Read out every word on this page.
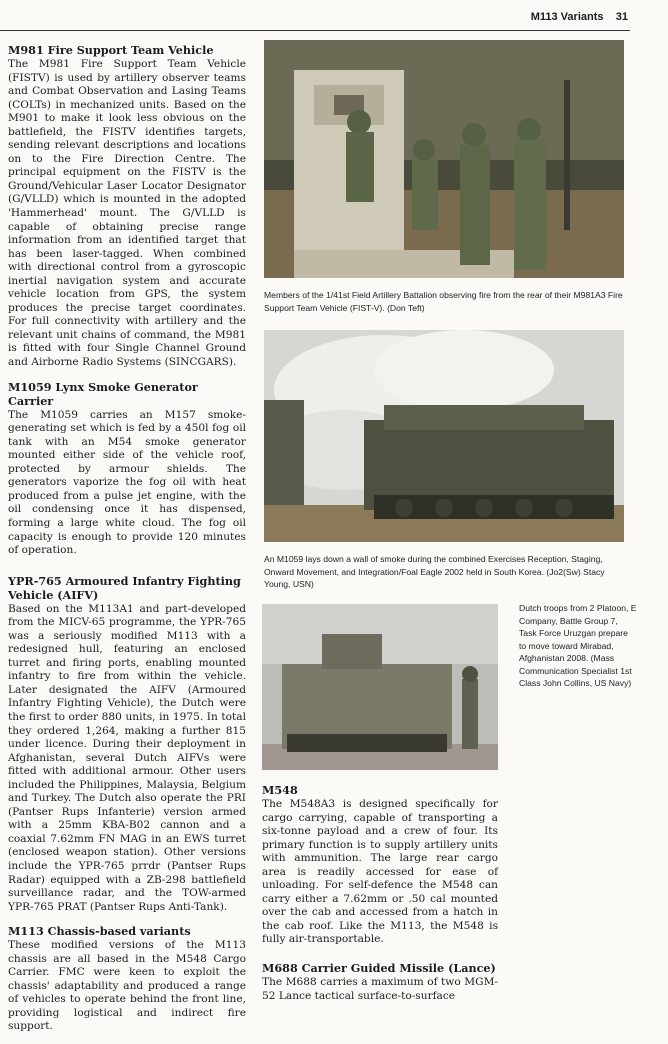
M113 Variants 31
M981 Fire Support Team Vehicle

The M981 Fire Support Team Vehicle (FISTV) is used by artillery observer teams and Combat Observation and Lasing Teams (COLTs) in mechanized units. Based on the M901 to make it look less obvious on the battlefield, the FISTV identifies targets, sending relevant descriptions and locations on to the Fire Direction Centre. The principal equipment on the FISTV is the Ground/Vehicular Laser Locator Designator (G/VLLD) which is mounted in the adopted 'Hammerhead' mount. The G/VLLD is capable of obtaining precise range information from an identified target that has been laser-tagged. When combined with directional control from a gyroscopic inertial navigation system and accurate vehicle location from GPS, the system produces the precise target coordinates. For full connectivity with artillery and the relevant unit chains of command, the M981 is fitted with four Single Channel Ground and Airborne Radio Systems (SINCGARS).

M1059 Lynx Smoke Generator Carrier

The M1059 carries an M157 smoke-generating set which is fed by a 450l fog oil tank with an M54 smoke generator mounted either side of the vehicle roof, protected by armour shields. The generators vaporize the fog oil with heat produced from a pulse jet engine, with the oil condensing once it has dispensed, forming a large white cloud. The fog oil capacity is enough to provide 120 minutes of operation.

YPR-765 Armoured Infantry Fighting Vehicle (AIFV)

Based on the M113A1 and part-developed from the MICV-65 programme, the YPR-765 was a seriously modified M113 with a redesigned hull, featuring an enclosed turret and firing ports, enabling mounted infantry to fire from within the vehicle. Later designated the AIFV (Armoured Infantry Fighting Vehicle), the Dutch were the first to order 880 units, in 1975. In total they ordered 1,264, making a further 815 under licence. During their deployment in Afghanistan, several Dutch AIFVs were fitted with additional armour. Other users included the Philippines, Malaysia, Belgium and Turkey. The Dutch also operate the PRI (Pantser Rups Infanterie) version armed with a 25mm KBA-B02 cannon and a coaxial 7.62mm FN MAG in an EWS turret (enclosed weapon station). Other versions include the YPR-765 prrdr (Pantser Rups Radar) equipped with a ZB-298 battlefield surveillance radar, and the TOW-armed YPR-765 PRAT (Pantser Rups Anti-Tank).

M113 Chassis-based variants

These modified versions of the M113 chassis are all based in the M548 Cargo Carrier. FMC were keen to exploit the chassis' adaptability and produced a range of vehicles to operate behind the front line, providing logistical and indirect fire support.

Members of the 1/41st Field Artillery Battalion observing fire from the rear of their M981A3 Fire Support Team Vehicle (FIST-V). (Don Teft)
An M1059 lays down a wall of smoke during the combined Exercises Reception, Staging, Onward Movement, and Integration/Foal Eagle 2002 held in South Korea. (Jo2(Sw) Stacy Young, USN)
Dutch troops from 2 Platoon, E Company, Battle Group 7, Task Force Uruzgan prepare to move toward Mirabad, Afghanistan 2008. (Mass Communication Specialist 1st Class John Collins, US Navy)
M548

The M548A3 is designed specifically for cargo carrying, capable of transporting a six-tonne payload and a crew of four. Its primary function is to supply artillery units with ammunition. The large rear cargo area is readily accessed for ease of unloading. For self-defence the M548 can carry either a 7.62mm or .50 cal mounted over the cab and accessed from a hatch in the cab roof. Like the M113, the M548 is fully air-transportable.

M688 Carrier Guided Missile (Lance)

The M688 carries a maximum of two MGM-52 Lance tactical surface-to-surface
